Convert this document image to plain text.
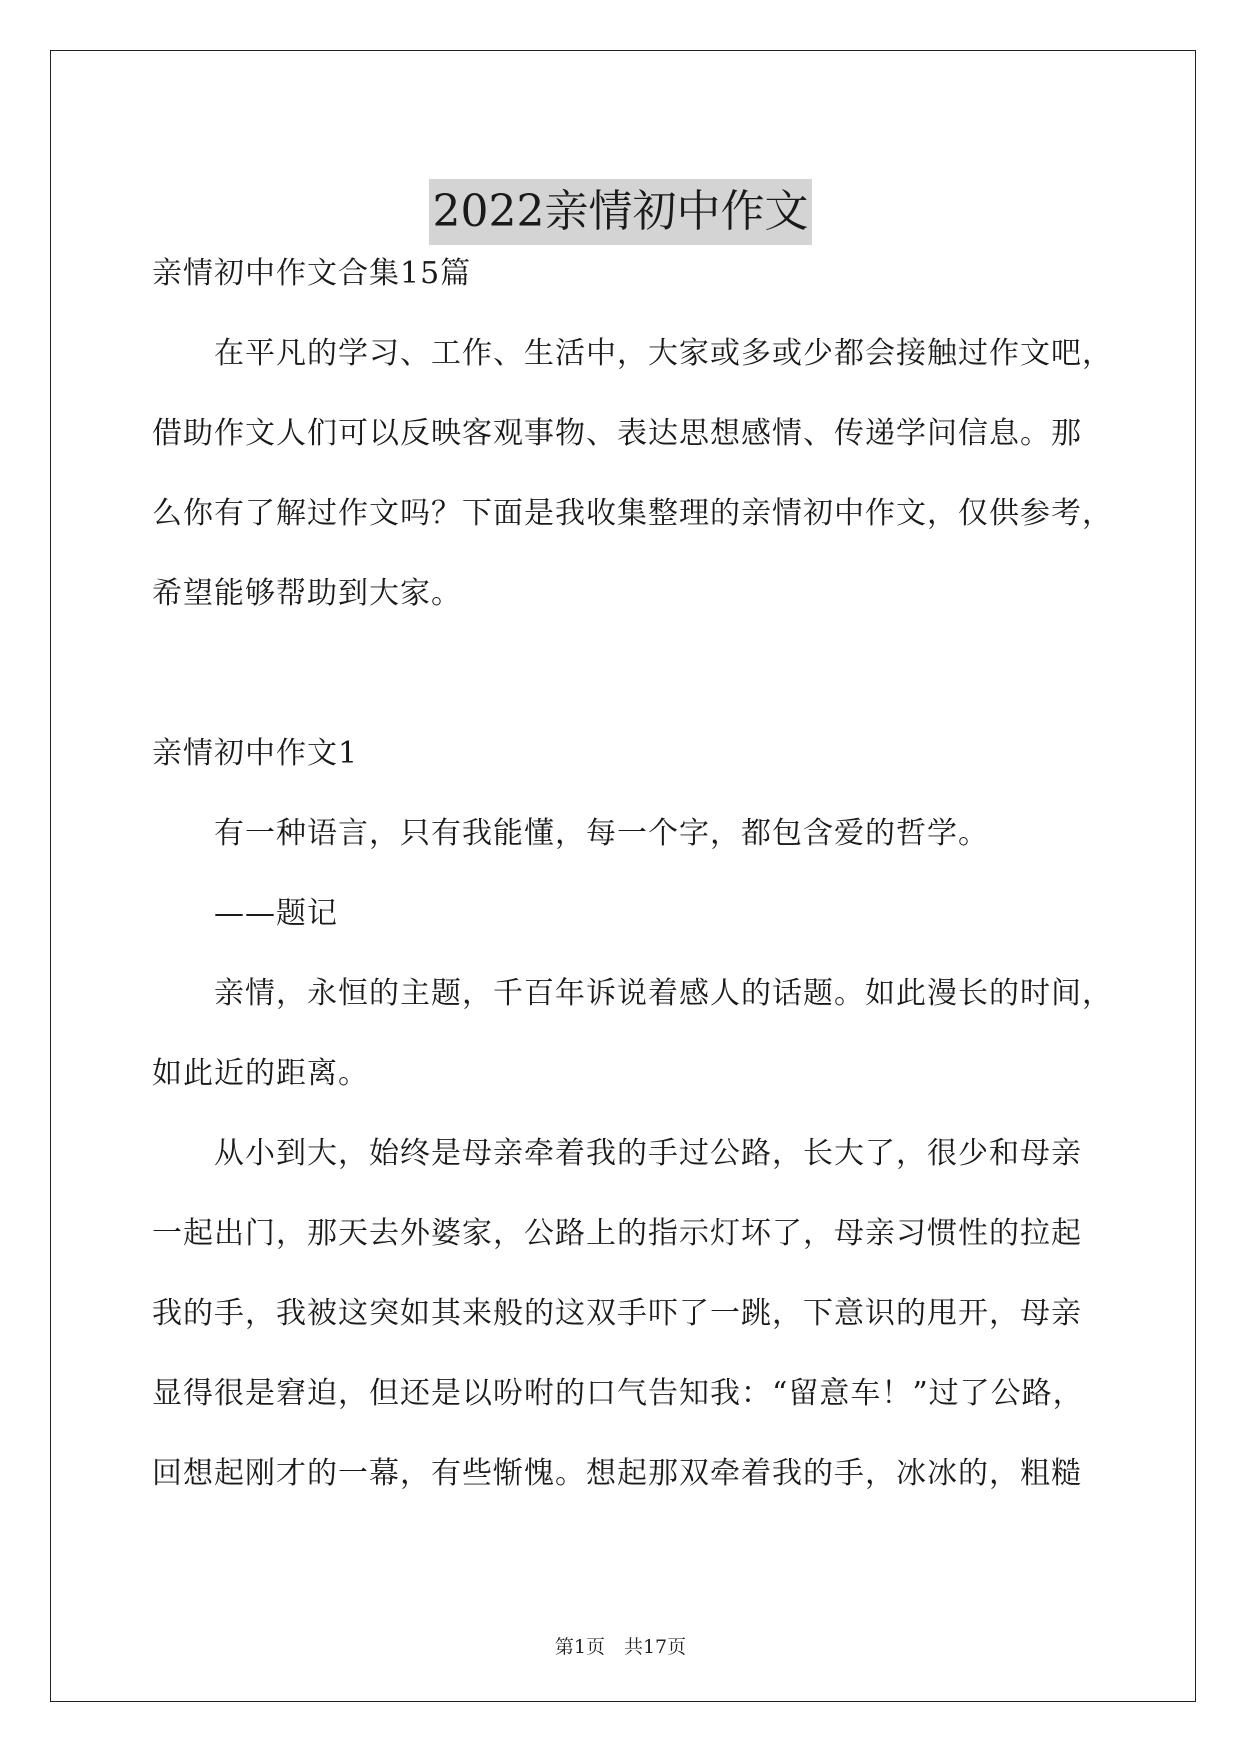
2022亲情初中作文
亲情初中作文合集15篇
在平凡的学习、工作、生活中，大家或多或少都会接触过作文吧，
借助作文人们可以反映客观事物、表达思想感情、传递学问信息。那
么你有了解过作文吗？下面是我收集整理的亲情初中作文，仅供参考，
希望能够帮助到大家。
亲情初中作文1
有一种语言，只有我能懂，每一个字，都包含爱的哲学。
——题记
亲情，永恒的主题，千百年诉说着感人的话题。如此漫长的时间，
如此近的距离。
从小到大，始终是母亲牵着我的手过公路，长大了，很少和母亲
一起出门，那天去外婆家，公路上的指示灯坏了，母亲习惯性的拉起
我的手，我被这突如其来般的这双手吓了一跳，下意识的甩开，母亲
显得很是窘迫，但还是以吩咐的口气告知我：“留意车！”过了公路，
回想起刚才的一幕，有些惭愧。想起那双牵着我的手，冰冰的，粗糙
第1页　共17页
